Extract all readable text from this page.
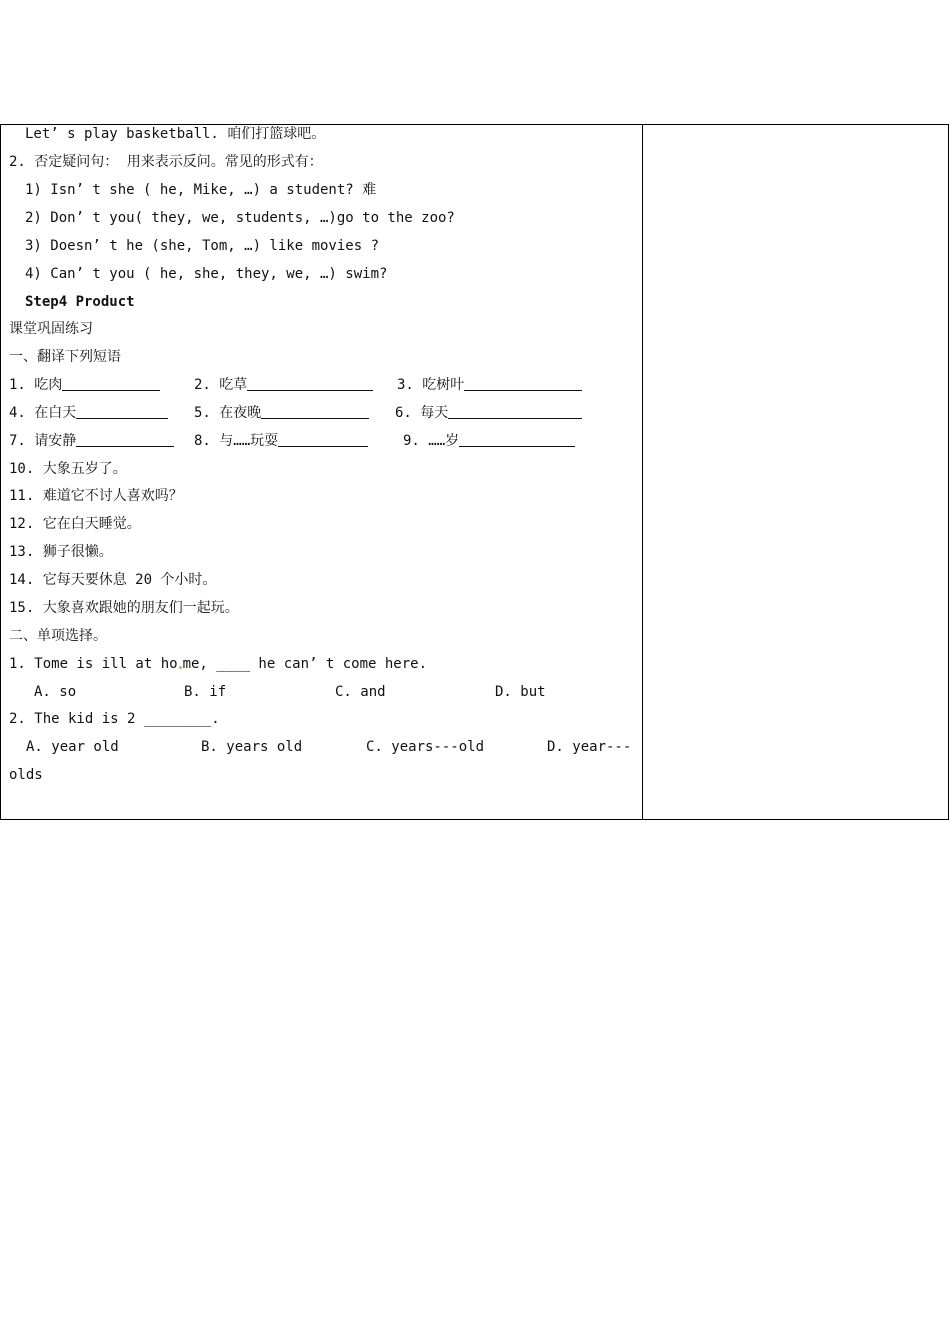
Let’ s play basketball. 咱们打篮球吧。
2. 否定疑问句： 用来表示反问。常见的形式有：
1) Isn’ t she ( he, Mike, …) a student? 难
2) Don’ t you( they, we, students, …)go to the zoo?
3) Doesn’ t he (she, Tom, …) like movies ?
4) Can’ t you ( he, she, they, we, …) swim?
Step4 Product
课堂巩固练习
一、翻译下列短语

1. 吃肉

	2. 吃草

	3. 吃树叶

4. 在白天

	5. 在夜晚

	6. 每天

7. 请安静

	8. 与……玩耍

	9. ……岁

10. 大象五岁了。
11. 难道它不讨人喜欢吗？
12. 它在白天睡觉。
13. 狮子很懒。
14. 它每天要休息 20 个小时。
15. 大象喜欢跟她的朋友们一起玩。
二、单项选择。
1. Tome is ill at ho me, ____ he can’ t come here.

A. so

	B. if

	C. and

	D. but

2. The kid is 2 ________.

A. year old

	B. years old

	C. years---old

	D. year---

olds
